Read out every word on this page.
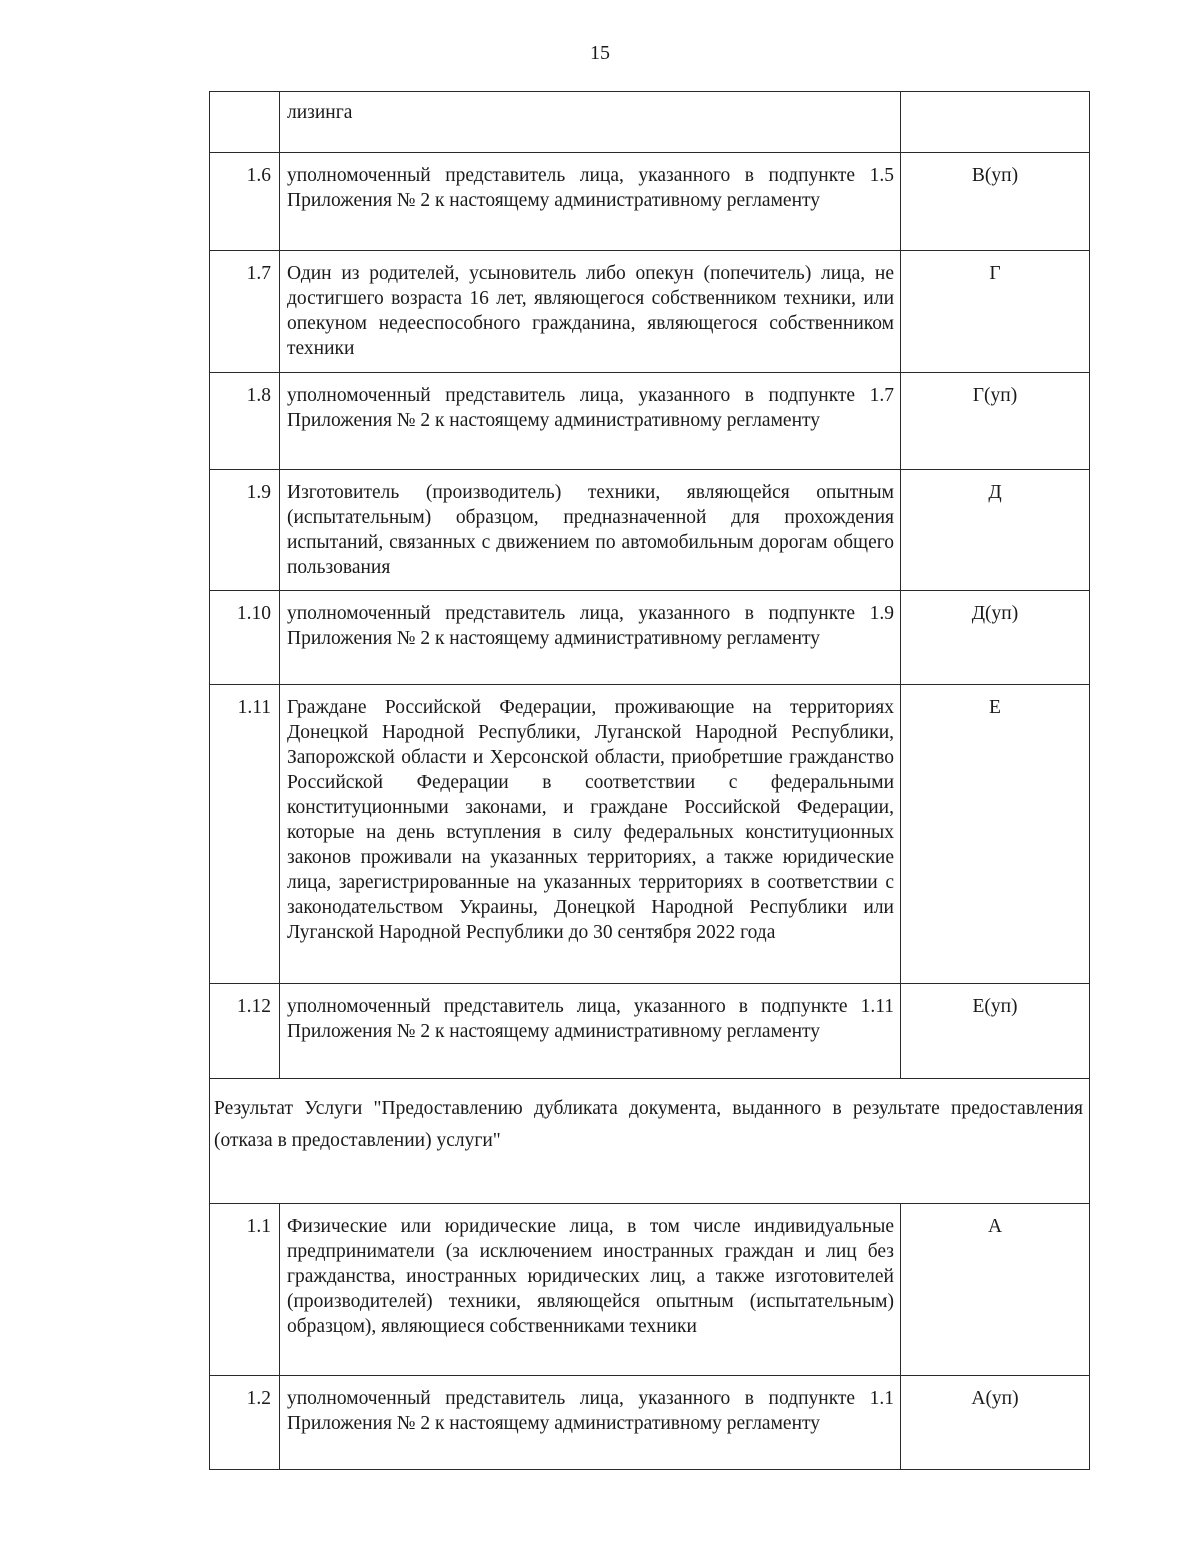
15
	лизинга	
1.6	уполномоченный представитель лица, указанного в подпункте 1.5 Приложения № 2 к настоящему административному регламенту	В(уп)
1.7	Один из родителей, усыновитель либо опекун (попечитель) лица, не достигшего возраста 16 лет, являющегося собственником техники, или опекуном недееспособного гражданина, являющегося собственником техники	Г
1.8	уполномоченный представитель лица, указанного в подпункте 1.7 Приложения № 2 к настоящему административному регламенту	Г(уп)
1.9	Изготовитель (производитель) техники, являющейся опытным (испытательным) образцом, предназначенной для прохождения испытаний, связанных с движением по автомобильным дорогам общего пользования	Д
1.10	уполномоченный представитель лица, указанного в подпункте 1.9 Приложения № 2 к настоящему административному регламенту	Д(уп)
1.11	Граждане Российской Федерации, проживающие на территориях Донецкой Народной Республики, Луганской Народной Республики, Запорожской области и Херсонской области, приобретшие гражданство Российской Федерации в соответствии с федеральными конституционными законами, и граждане Российской Федерации, которые на день вступления в силу федеральных конституционных законов проживали на указанных территориях, а также юридические лица, зарегистрированные на указанных территориях в соответствии с законодательством Украины, Донецкой Народной Республики или Луганской Народной Республики до 30 сентября 2022 года	Е
1.12	уполномоченный представитель лица, указанного в подпункте 1.11 Приложения № 2 к настоящему административному регламенту	Е(уп)
Результат Услуги "Предоставлению дубликата документа, выданного в результате предоставления (отказа в предоставлении) услуги"		
1.1	Физические или юридические лица, в том числе индивидуальные предприниматели (за исключением иностранных граждан и лиц без гражданства, иностранных юридических лиц, а также изготовителей (производителей) техники, являющейся опытным (испытательным) образцом), являющиеся собственниками техники	А
1.2	уполномоченный представитель лица, указанного в подпункте 1.1 Приложения № 2 к настоящему административному регламенту	А(уп)
